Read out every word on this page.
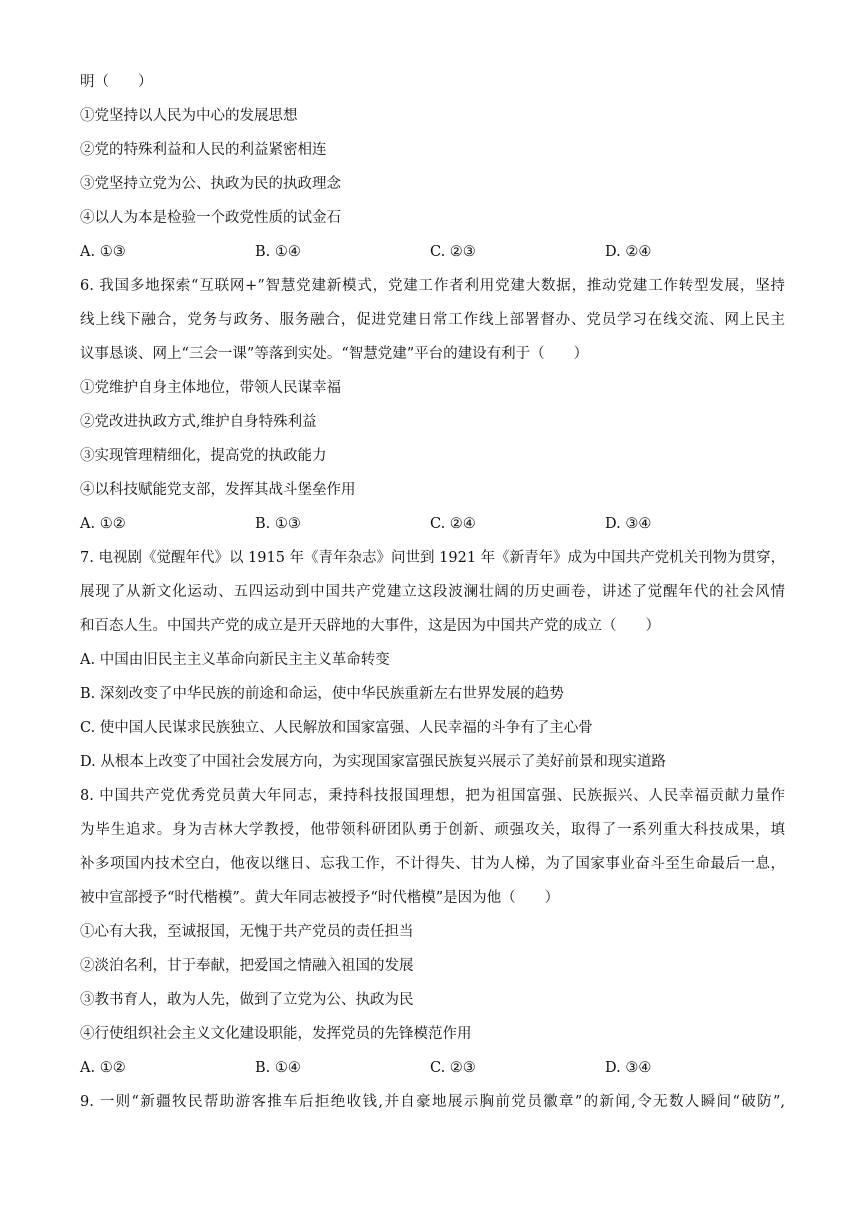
明（　　）
①党坚持以人民为中心的发展思想
②党的特殊利益和人民的利益紧密相连
③党坚持立党为公、执政为民的执政理念
④以人为本是检验一个政党性质的试金石
A. ①③	B. ①④	C. ②③	D. ②④
6. 我国多地探索“互联网+”智慧党建新模式，党建工作者利用党建大数据，推动党建工作转型发展，坚持
线上线下融合，党务与政务、服务融合，促进党建日常工作线上部署督办、党员学习在线交流、网上民主
议事恳谈、网上“三会一课”等落到实处。“智慧党建”平台的建设有利于（　　）
①党维护自身主体地位，带领人民谋幸福
②党改进执政方式,维护自身特殊利益
③实现管理精细化，提高党的执政能力
④以科技赋能党支部，发挥其战斗堡垒作用
A. ①②	B. ①③	C. ②④	D. ③④
7. 电视剧《觉醒年代》以 1915 年《青年杂志》问世到 1921 年《新青年》成为中国共产党机关刊物为贯穿，
展现了从新文化运动、五四运动到中国共产党建立这段波澜壮阔的历史画卷，讲述了觉醒年代的社会风情
和百态人生。中国共产党的成立是开天辟地的大事件，这是因为中国共产党的成立（　　）
A. 中国由旧民主主义革命向新民主主义革命转变
B. 深刻改变了中华民族的前途和命运，使中华民族重新左右世界发展的趋势
C. 使中国人民谋求民族独立、人民解放和国家富强、人民幸福的斗争有了主心骨
D. 从根本上改变了中国社会发展方向，为实现国家富强民族复兴展示了美好前景和现实道路
8. 中国共产党优秀党员黄大年同志，秉持科技报国理想，把为祖国富强、民族振兴、人民幸福贡献力量作
为毕生追求。身为吉林大学教授，他带领科研团队勇于创新、顽强攻关，取得了一系列重大科技成果，填
补多项国内技术空白，他夜以继日、忘我工作，不计得失、甘为人梯，为了国家事业奋斗至生命最后一息，
被中宣部授予“时代楷模”。黄大年同志被授予“时代楷模”是因为他（　　）
①心有大我，至诚报国，无愧于共产党员的责任担当
②淡泊名利，甘于奉献，把爱国之情融入祖国的发展
③教书育人，敢为人先，做到了立党为公、执政为民
④行使组织社会主义文化建设职能，发挥党员的先锋模范作用
A. ①②	B. ①④	C. ②③	D. ③④
9. 一则“新疆牧民帮助游客推车后拒绝收钱,并自豪地展示胸前党员徽章”的新闻,令无数人瞬间“破防”,
